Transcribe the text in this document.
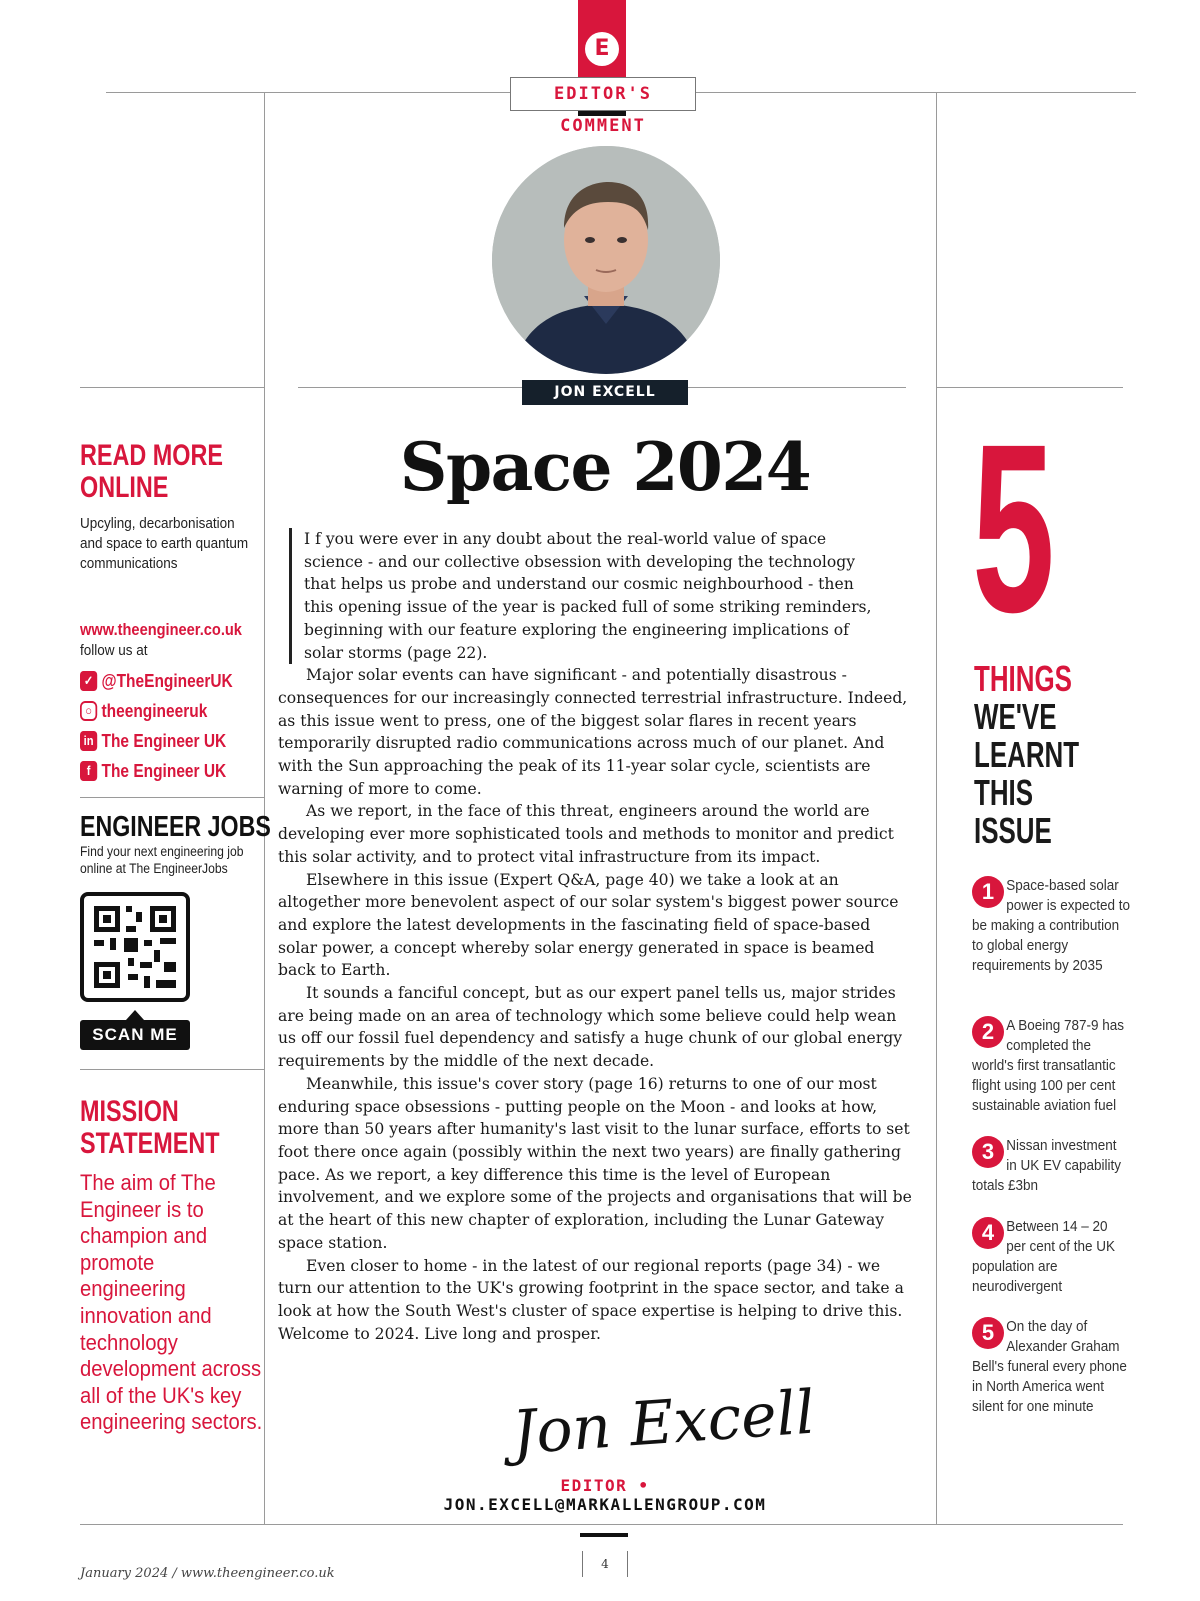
E
EDITOR'S COMMENT
JON EXCELL
Space 2024

I f you were ever in any doubt about the real-world value of space science - and our collective obsession with developing the technology that helps us probe and understand our cosmic neighbourhood - then this opening issue of the year is packed full of some striking reminders, beginning with our feature exploring the engineering implications of solar storms (page 22).

Major solar events can have significant - and potentially disastrous - consequences for our increasingly connected terrestrial infrastructure. Indeed, as this issue went to press, one of the biggest solar flares in recent years temporarily disrupted radio communications across much of our planet. And with the Sun approaching the peak of its 11-year solar cycle, scientists are warning of more to come.

As we report, in the face of this threat, engineers around the world are developing ever more sophisticated tools and methods to monitor and predict this solar activity, and to protect vital infrastructure from its impact.

Elsewhere in this issue (Expert Q&A, page 40) we take a look at an altogether more benevolent aspect of our solar system's biggest power source and explore the latest developments in the fascinating field of space-based solar power, a concept whereby solar energy generated in space is beamed back to Earth.

It sounds a fanciful concept, but as our expert panel tells us, major strides are being made on an area of technology which some believe could help wean us off our fossil fuel dependency and satisfy a huge chunk of our global energy requirements by the middle of the next decade.

Meanwhile, this issue's cover story (page 16) returns to one of our most enduring space obsessions - putting people on the Moon - and looks at how, more than 50 years after humanity's last visit to the lunar surface, efforts to set foot there once again (possibly within the next two years) are finally gathering pace. As we report, a key difference this time is the level of European involvement, and we explore some of the projects and organisations that will be at the heart of this new chapter of exploration, including the Lunar Gateway space station.

Even closer to home - in the latest of our regional reports (page 34) - we turn our attention to the UK's growing footprint in the space sector, and take a look at how the South West's cluster of space expertise is helping to drive this. Welcome to 2024. Live long and prosper.

Jon Excell
EDITOR • JON.EXCELL@MARKALLENGROUP.COM
READ MORE
ONLINE
Upcyling, decarbonisation and space to earth quantum communications
www.theengineer.co.uk
follow us at
✓ @TheEngineerUK
○ theengineeruk
in The Engineer UK
f The Engineer UK
ENGINEER JOBS
Find your next engineering job online at The EngineerJobs
SCAN ME
MISSION
STATEMENT
The aim of The Engineer is to champion and promote engineering innovation and technology development across all of the UK's key engineering sectors.
5
THINGS
WE'VE
LEARNT
THIS
ISSUE
1 Space-based solar power is expected to be making a contribution to global energy requirements by 2035
2 A Boeing 787-9 has completed the world's first transatlantic flight using 100 per cent sustainable aviation fuel
3 Nissan investment in UK EV capability totals £3bn
4 Between 14 – 20 per cent of the UK population are neurodivergent
5 On the day of Alexander Graham Bell's funeral every phone in North America went silent for one minute
January 2024 / www.theengineer.co.uk
4
